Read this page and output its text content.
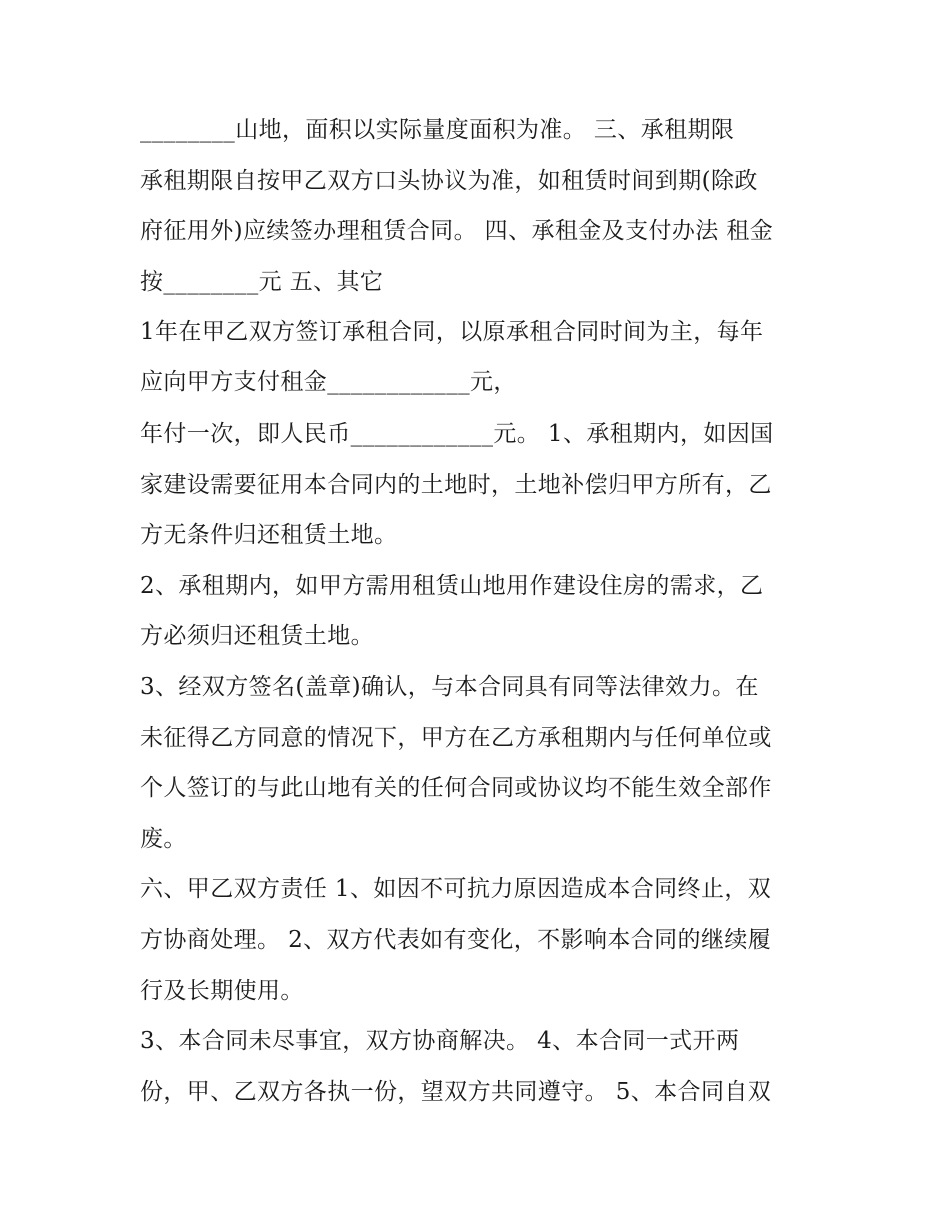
________山地，面积以实际量度面积为准。 三、承租期限
承租期限自按甲乙双方口头协议为准，如租赁时间到期(除政
府征用外)应续签办理租赁合同。 四、承租金及支付办法 租金
按________元 五、其它
1年在甲乙双方签订承租合同，以原承租合同时间为主，每年
应向甲方支付租金____________元，
年付一次，即人民币____________元。 1、承租期内，如因国
家建设需要征用本合同内的土地时，土地补偿归甲方所有，乙
方无条件归还租赁土地。
2、承租期内，如甲方需用租赁山地用作建设住房的需求，乙
方必须归还租赁土地。
3、经双方签名(盖章)确认，与本合同具有同等法律效力。在
未征得乙方同意的情况下，甲方在乙方承租期内与任何单位或
个人签订的与此山地有关的任何合同或协议均不能生效全部作
废。
六、甲乙双方责任 1、如因不可抗力原因造成本合同终止，双
方协商处理。 2、双方代表如有变化，不影响本合同的继续履
行及长期使用。
3、本合同未尽事宜，双方协商解决。 4、本合同一式开两
份，甲、乙双方各执一份，望双方共同遵守。 5、本合同自双
